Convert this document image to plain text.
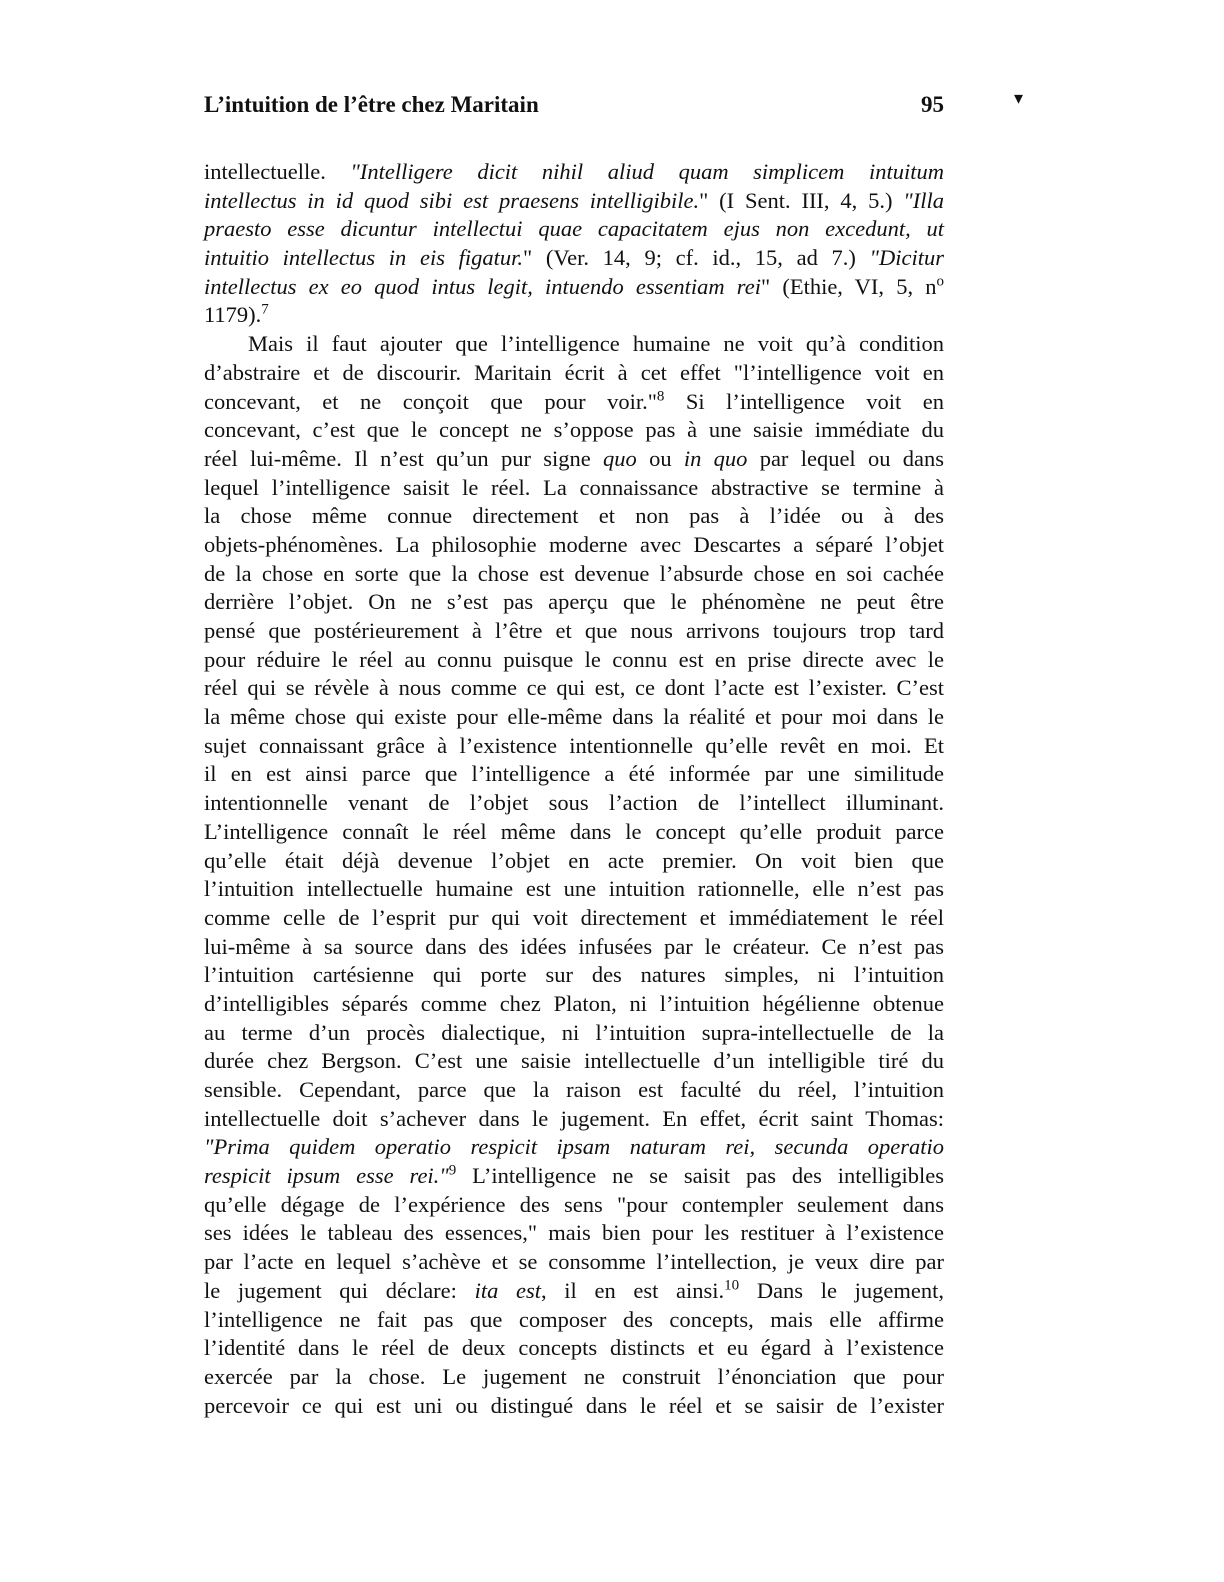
L’intuition de l’être chez Maritain	95	▾
intellectuelle. "Intelligere dicit nihil aliud quam simplicem intuitum
intellectus in id quod sibi est praesens intelligibile." (I Sent. III, 4, 5.) "Illa
praesto esse dicuntur intellectui quae capacitatem ejus non excedunt, ut
intuitio intellectus in eis figatur." (Ver. 14, 9; cf. id., 15, ad 7.) "Dicitur
intellectus ex eo quod intus legit, intuendo essentiam rei" (Ethie, VI, 5, $n^o$
1179).$^7$
Mais il faut ajouter que l’intelligence humaine ne voit qu’à condition
d’abstraire et de discourir. Maritain écrit à cet effet "l’intelligence voit en
concevant, et ne conçoit que pour voir."$^8$ Si l’intelligence voit en
concevant, c’est que le concept ne s’oppose pas à une saisie immédiate du
réel lui-même. Il n’est qu’un pur signe quo ou in quo par lequel ou dans
lequel l’intelligence saisit le réel. La connaissance abstractive se termine à
la chose même connue directement et non pas à l’idée ou à des
objets-phénomènes. La philosophie moderne avec Descartes a séparé l’objet
de la chose en sorte que la chose est devenue l’absurde chose en soi cachée
derrière l’objet. On ne s’est pas aperçu que le phénomène ne peut être
pensé que postérieurement à l’être et que nous arrivons toujours trop tard
pour réduire le réel au connu puisque le connu est en prise directe avec le
réel qui se révèle à nous comme ce qui est, ce dont l’acte est l’exister. C’est
la même chose qui existe pour elle-même dans la réalité et pour moi dans le
sujet connaissant grâce à l’existence intentionnelle qu’elle revêt en moi. Et
il en est ainsi parce que l’intelligence a été informée par une similitude
intentionnelle venant de l’objet sous l’action de l’intellect illuminant.
L’intelligence connaît le réel même dans le concept qu’elle produit parce
qu’elle était déjà devenue l’objet en acte premier. On voit bien que
l’intuition intellectuelle humaine est une intuition rationnelle, elle n’est pas
comme celle de l’esprit pur qui voit directement et immédiatement le réel
lui-même à sa source dans des idées infusées par le créateur. Ce n’est pas
l’intuition cartésienne qui porte sur des natures simples, ni l’intuition
d’intelligibles séparés comme chez Platon, ni l’intuition hégélienne obtenue
au terme d’un procès dialectique, ni l’intuition supra-intellectuelle de la
durée chez Bergson. C’est une saisie intellectuelle d’un intelligible tiré du
sensible. Cependant, parce que la raison est faculté du réel, l’intuition
intellectuelle doit s’achever dans le jugement. En effet, écrit saint Thomas:
"Prima quidem operatio respicit ipsam naturam rei, secunda operatio
respicit ipsum esse rei."$^9$ L’intelligence ne se saisit pas des intelligibles
qu’elle dégage de l’expérience des sens "pour contempler seulement dans
ses idées le tableau des essences," mais bien pour les restituer à l’existence
par l’acte en lequel s’achève et se consomme l’intellection, je veux dire par
le jugement qui déclare: ita est, il en est ainsi.$^{10}$ Dans le jugement,
l’intelligence ne fait pas que composer des concepts, mais elle affirme
l’identité dans le réel de deux concepts distincts et eu égard à l’existence
exercée par la chose. Le jugement ne construit l’énonciation que pour
percevoir ce qui est uni ou distingué dans le réel et se saisir de l’exister
